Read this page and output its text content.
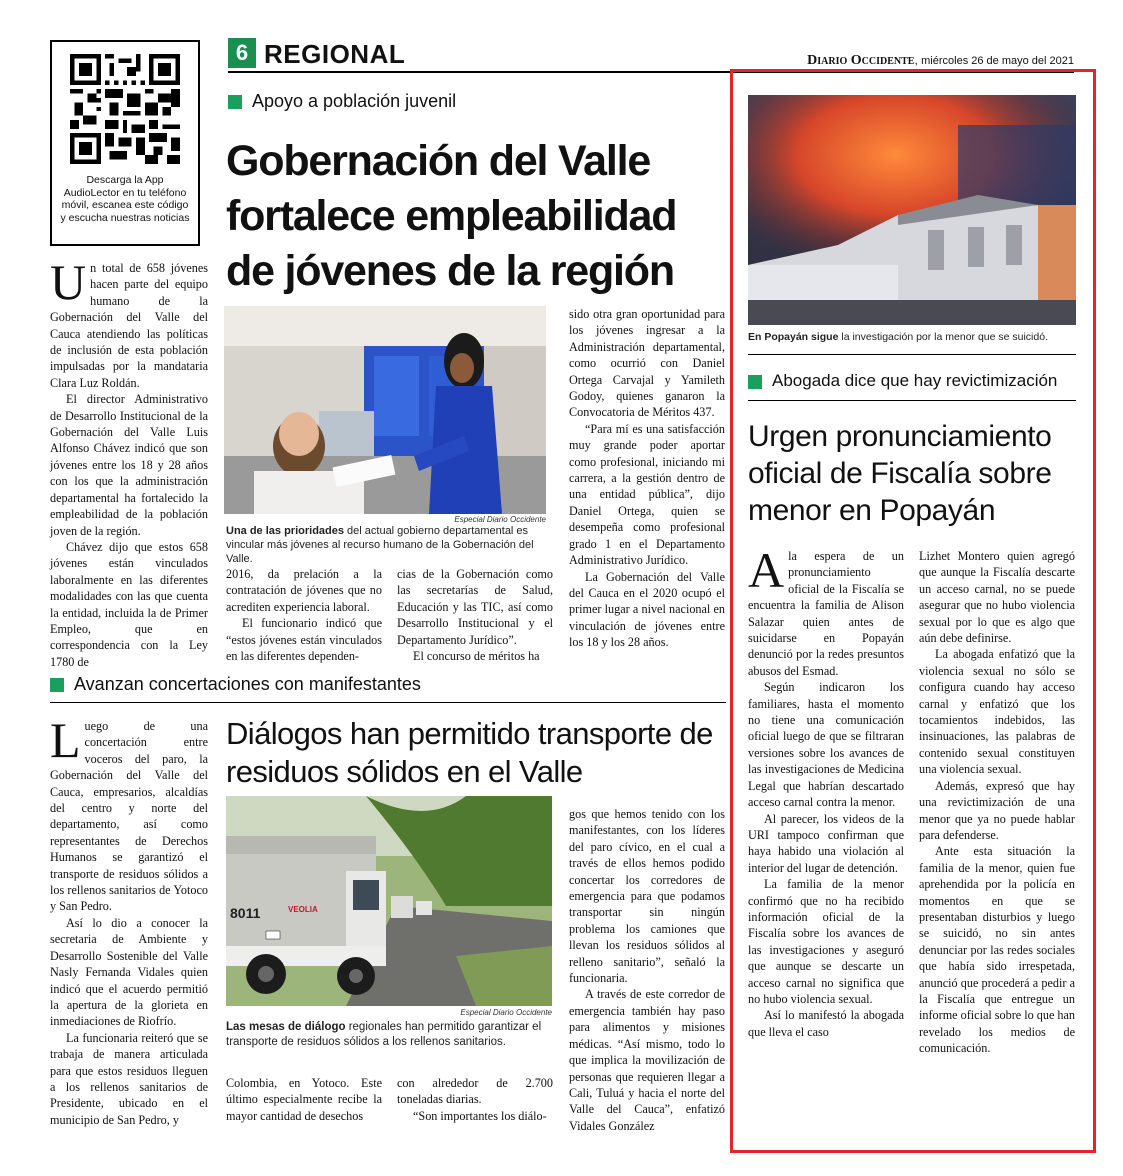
6 REGIONAL	Diario Occidente, miércoles 26 de mayo del 2021
Descarga la App AudioLector en tu teléfono móvil, escanea este código y escucha nuestras noticias
Apoyo a población juvenil
Gobernación del Valle fortalece empleabilidad de jóvenes de la región

Un total de 658 jóvenes hacen parte del equipo humano de la Gobernación del Valle del Cauca atendiendo las políticas de inclusión de esta población impulsadas por la mandataria Clara Luz Roldán.

El director Administrativo de Desarrollo Institucional de la Gobernación del Valle Luis Alfonso Chávez indicó que son jóvenes entre los 18 y 28 años con los que la administración departamental ha fortalecido la empleabilidad de la población joven de la región.

Chávez dijo que estos 658 jóvenes están vinculados laboralmente en las diferentes modalidades con las que cuenta la entidad, incluida la de Primer Empleo, que en correspondencia con la Ley 1780 de

Especial Diario Occidente
Una de las prioridades del actual gobierno departamental es vincular más jóvenes al recurso humano de la Gobernación del Valle.

2016, da prelación a la contratación de jóvenes que no acrediten experiencia laboral.

El funcionario indicó que “estos jóvenes están vinculados en las diferentes dependen-

cias de la Gobernación como las secretarías de Salud, Educación y las TIC, así como Desarrollo Institucional y el Departamento Jurídico”.

El concurso de méritos ha

sido otra gran oportunidad para los jóvenes ingresar a la Administración departamental, como ocurrió con Daniel Ortega Carvajal y Yamileth Godoy, quienes ganaron la Convocatoria de Méritos 437.

“Para mí es una satisfacción muy grande poder aportar como profesional, iniciando mi carrera, a la gestión dentro de una entidad pública”, dijo Daniel Ortega, quien se desempeña como profesional grado 1 en el Departamento Administrativo Jurídico.

La Gobernación del Valle del Cauca en el 2020 ocupó el primer lugar a nivel nacional en vinculación de jóvenes entre los 18 y los 28 años.

Avanzan concertaciones con manifestantes

Luego de una concertación entre voceros del paro, la Gobernación del Valle del Cauca, empresarios, alcaldías del centro y norte del departamento, así como representantes de Derechos Humanos se garantizó el transporte de residuos sólidos a los rellenos sanitarios de Yotoco y San Pedro.

Así lo dio a conocer la secretaria de Ambiente y Desarrollo Sostenible del Valle Nasly Fernanda Vidales quien indicó que el acuerdo permitió la apertura de la glorieta en inmediaciones de Riofrío.

La funcionaria reiteró que se trabaja de manera articulada para que estos residuos lleguen a los rellenos sanitarios de Presidente, ubicado en el municipio de San Pedro, y

Diálogos han permitido transporte de residuos sólidos en el Valle
8011	VEOLIA
Especial Diario Occidente
Las mesas de diálogo regionales han permitido garantizar el transporte de residuos sólidos a los rellenos sanitarios.

Colombia, en Yotoco. Este último especialmente recibe la mayor cantidad de desechos

con alrededor de 2.700 toneladas diarias.

“Son importantes los diálo-

gos que hemos tenido con los manifestantes, con los líderes del paro cívico, en el cual a través de ellos hemos podido concertar los corredores de emergencia para que podamos transportar sin ningún problema los camiones que llevan los residuos sólidos al relleno sanitario”, señaló la funcionaria.

A través de este corredor de emergencia también hay paso para alimentos y misiones médicas. “Así mismo, todo lo que implica la movilización de personas que requieren llegar a Cali, Tuluá y hacia el norte del Valle del Cauca”, enfatizó Vidales González

En Popayán sigue la investigación por la menor que se suicidó.
Abogada dice que hay revictimización
Urgen pronunciamiento oficial de Fiscalía sobre menor en Popayán

Ala espera de un pronunciamiento oficial de la Fiscalía se encuentra la familia de Alison Salazar quien antes de suicidarse en Popayán denunció por la redes presuntos abusos del Esmad.

Según indicaron los familiares, hasta el momento no tiene una comunicación oficial luego de que se filtraran versiones sobre los avances de las investigaciones de Medicina Legal que habrían descartado acceso carnal contra la menor.

Al parecer, los videos de la URI tampoco confirman que haya habido una violación al interior del lugar de detención.

La familia de la menor confirmó que no ha recibido información oficial de la Fiscalía sobre los avances de las investigaciones y aseguró que aunque se descarte un acceso carnal no significa que no hubo violencia sexual.

Así lo manifestó la abogada que lleva el caso

Lizhet Montero quien agregó que aunque la Fiscalía descarte un acceso carnal, no se puede asegurar que no hubo violencia sexual por lo que es algo que aún debe definirse.

La abogada enfatizó que la violencia sexual no sólo se configura cuando hay acceso carnal y enfatizó que los tocamientos indebidos, las insinuaciones, las palabras de contenido sexual constituyen una violencia sexual.

Además, expresó que hay una revictimización de una menor que ya no puede hablar para defenderse.

Ante esta situación la familia de la menor, quien fue aprehendida por la policía en momentos en que se presentaban disturbios y luego se suicidó, no sin antes denunciar por las redes sociales que había sido irrespetada, anunció que procederá a pedir a la Fiscalía que entregue un informe oficial sobre lo que han revelado los medios de comunicación.
